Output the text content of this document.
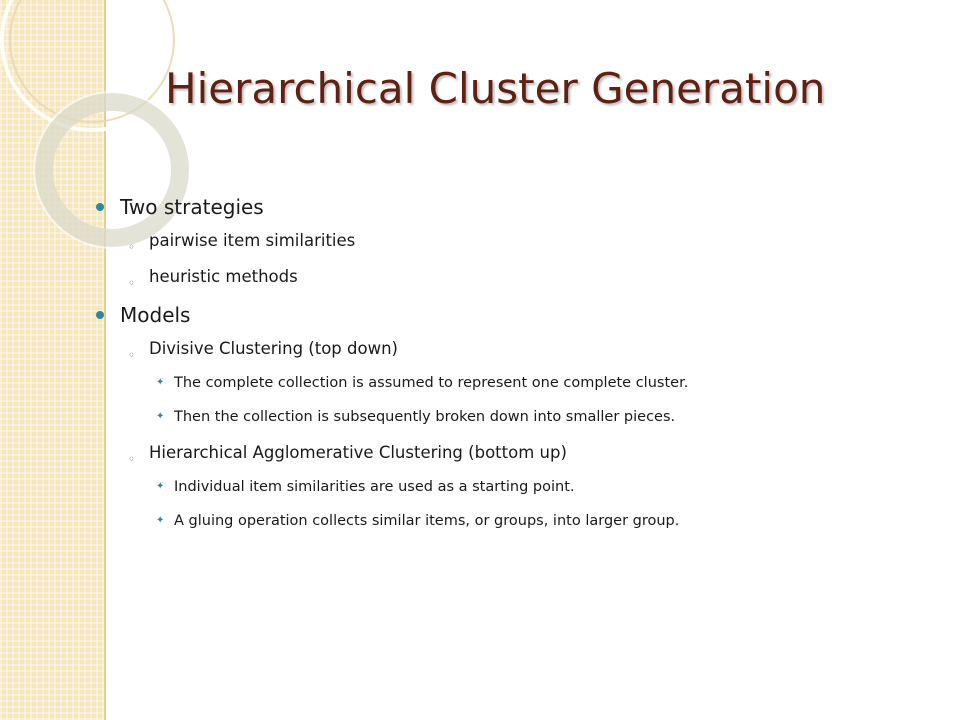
Hierarchical Cluster Generation
Two strategies
◦ pairwise item similarities
◦ heuristic methods
Models
◦ Divisive Clustering (top down)
✦ The complete collection is assumed to represent one complete cluster.
✦ Then the collection is subsequently broken down into smaller pieces.
◦ Hierarchical Agglomerative Clustering (bottom up)
✦ Individual item similarities are used as a starting point.
✦ A gluing operation collects similar items, or groups, into larger group.
